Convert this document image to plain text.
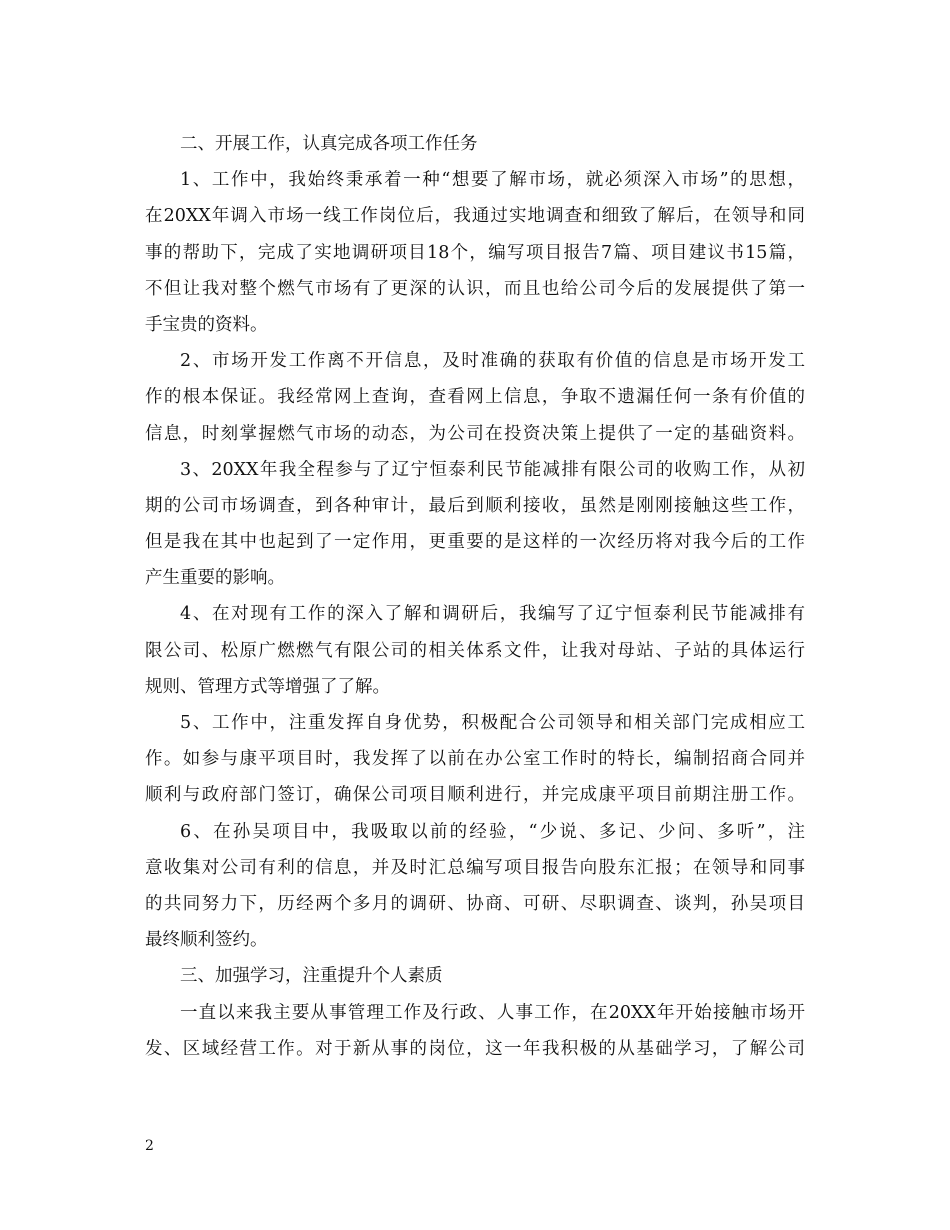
二、开展工作，认真完成各项工作任务
1、工作中，我始终秉承着一种“想要了解市场，就必须深入市场”的思想，
在20XX年调入市场一线工作岗位后，我通过实地调查和细致了解后，在领导和同
事的帮助下，完成了实地调研项目18个，编写项目报告7篇、项目建议书15篇，
不但让我对整个燃气市场有了更深的认识，而且也给公司今后的发展提供了第一
手宝贵的资料。
2、市场开发工作离不开信息，及时准确的获取有价值的信息是市场开发工
作的根本保证。我经常网上查询，查看网上信息，争取不遗漏任何一条有价值的
信息，时刻掌握燃气市场的动态，为公司在投资决策上提供了一定的基础资料。
3、20XX年我全程参与了辽宁恒泰利民节能减排有限公司的收购工作，从初
期的公司市场调查，到各种审计，最后到顺利接收，虽然是刚刚接触这些工作，
但是我在其中也起到了一定作用，更重要的是这样的一次经历将对我今后的工作
产生重要的影响。
4、在对现有工作的深入了解和调研后，我编写了辽宁恒泰利民节能减排有
限公司、松原广燃燃气有限公司的相关体系文件，让我对母站、子站的具体运行
规则、管理方式等增强了了解。
5、工作中，注重发挥自身优势，积极配合公司领导和相关部门完成相应工
作。如参与康平项目时，我发挥了以前在办公室工作时的特长，编制招商合同并
顺利与政府部门签订，确保公司项目顺利进行，并完成康平项目前期注册工作。
6、在孙吴项目中，我吸取以前的经验，“少说、多记、少问、多听”，注
意收集对公司有利的信息，并及时汇总编写项目报告向股东汇报；在领导和同事
的共同努力下，历经两个多月的调研、协商、可研、尽职调查、谈判，孙吴项目
最终顺利签约。
三、加强学习，注重提升个人素质
一直以来我主要从事管理工作及行政、人事工作，在20XX年开始接触市场开
发、区域经营工作。对于新从事的岗位，这一年我积极的从基础学习，了解公司
2
